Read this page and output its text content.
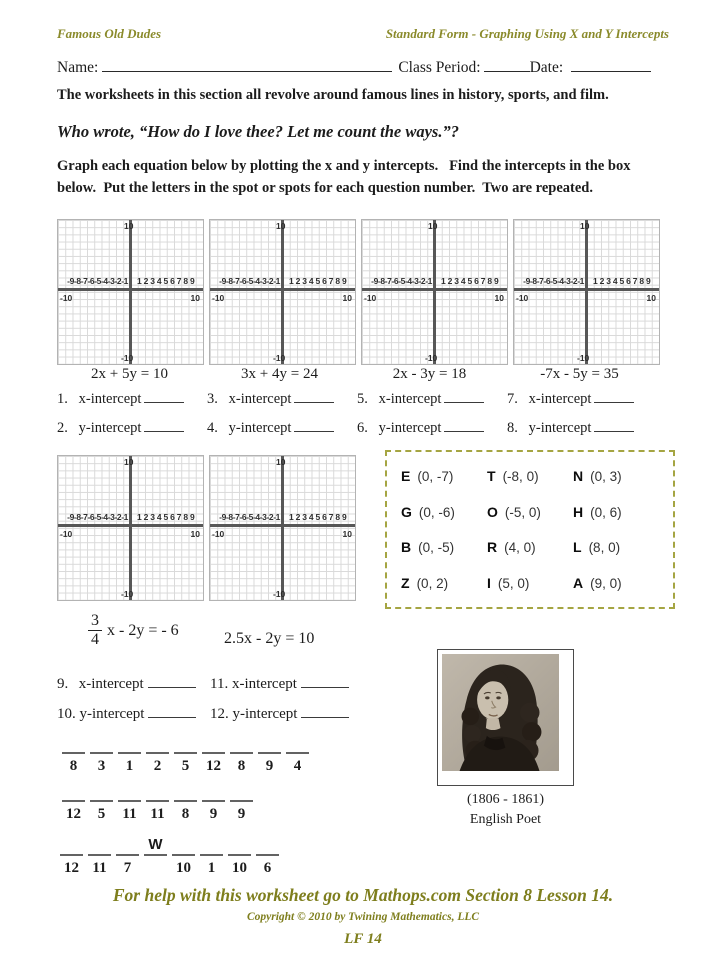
Famous Old Dudes	Standard Form - Graphing Using X and Y Intercepts
Name:	Class Period:	Date:
The worksheets in this section all revolve around famous lines in history, sports, and film.
Who wrote, “How do I love thee? Let me count the ways.”?
Graph each equation below by plotting the x and y intercepts.   Find the intercepts in the box
below.  Put the letters in the spot or spots for each question number.  Two are repeated.
10
-10
-9-8-7-6-5-4-3-2-1 123456789
-10	10
10
-10
-9-8-7-6-5-4-3-2-1 123456789
-10	10
10
-10
-9-8-7-6-5-4-3-2-1 123456789
-10	10
10
-10
-9-8-7-6-5-4-3-2-1 123456789
-10	10
2x + 5y = 10	3x + 4y = 24	2x - 3y = 18	-7x - 5y = 35
1. x-intercept
2. y-intercept
3. x-intercept
4. y-intercept
5. x-intercept
6. y-intercept
7. x-intercept
8. y-intercept
10
-10
-9-8-7-6-5-4-3-2-1 123456789
-10	10
10
-10
-9-8-7-6-5-4-3-2-1 123456789
-10	10
E (0, -7) T (-8, 0) N (0, 3)
G (0, -6) O (-5, 0) H (0, 6)
B (0, -5) R (4, 0)	L (8, 0)
Z (0, 2)	I (5, 0)	A (9, 0)
$\frac{3}{4}$ x - 2y = - 6	2.5x - 2y = 10
9. x-intercept	11. x-intercept
10. y-intercept	12. y-intercept
8 3 1 2 5 12 8 9 4
12 5 11 11 8 9 9
12 11 7
W
10 1 10 6
(1806 - 1861)
English Poet
For help with this worksheet go to Mathops.com Section 8 Lesson 14.
Copyright © 2010 by Twining Mathematics, LLC
LF 14
